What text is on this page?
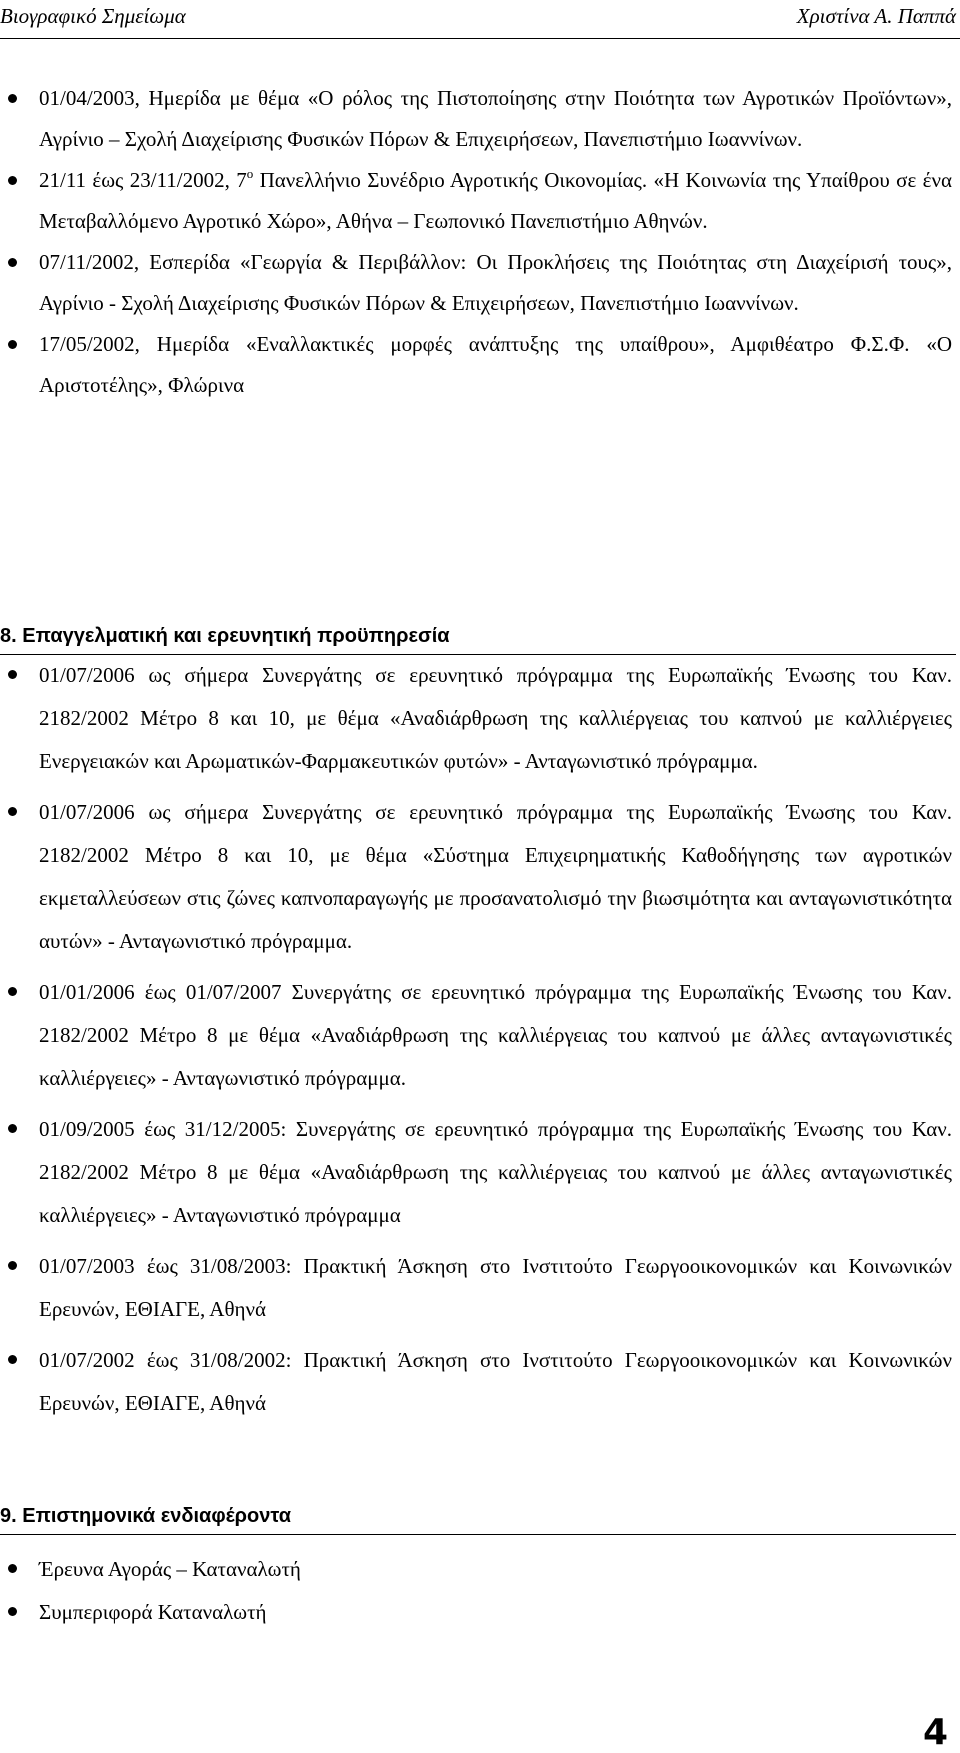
Βιογραφικό Σημείωμα	Χριστίνα Α. Παππά
01/04/2003, Ημερίδα με θέμα «Ο ρόλος της Πιστοποίησης στην Ποιότητα των Αγροτικών Προϊόντων», Αγρίνιο – Σχολή Διαχείρισης Φυσικών Πόρων & Επιχειρήσεων, Πανεπιστήμιο Ιωαννίνων.
21/11 έως 23/11/2002, $7^o$ Πανελλήνιο Συνέδριο Αγροτικής Οικονομίας. «Η Κοινωνία της Υπαίθρου σε ένα Μεταβαλλόμενο Αγροτικό Χώρο», Αθήνα – Γεωπονικό Πανεπιστήμιο Αθηνών.
07/11/2002, Εσπερίδα «Γεωργία & Περιβάλλον: Οι Προκλήσεις της Ποιότητας στη Διαχείρισή τους», Αγρίνιο - Σχολή Διαχείρισης Φυσικών Πόρων & Επιχειρήσεων, Πανεπιστήμιο Ιωαννίνων.
17/05/2002, Ημερίδα «Εναλλακτικές μορφές ανάπτυξης της υπαίθρου», Αμφιθέατρο Φ.Σ.Φ. «Ο Αριστοτέλης», Φλώρινα
8. Επαγγελματική και ερευνητική προϋπηρεσία
01/07/2006 ως σήμερα Συνεργάτης σε ερευνητικό πρόγραμμα της Ευρωπαϊκής Ένωσης του Καν. 2182/2002 Μέτρο 8 και 10, με θέμα «Αναδιάρθρωση της καλλιέργειας του καπνού με καλλιέργειες Ενεργειακών και Αρωματικών-Φαρμακευτικών φυτών» - Ανταγωνιστικό πρόγραμμα.
01/07/2006 ως σήμερα Συνεργάτης σε ερευνητικό πρόγραμμα της Ευρωπαϊκής Ένωσης του Καν. 2182/2002 Μέτρο 8 και 10, με θέμα «Σύστημα Επιχειρηματικής Καθοδήγησης των αγροτικών εκμεταλλεύσεων στις ζώνες καπνοπαραγωγής με προσανατολισμό την βιωσιμότητα και ανταγωνιστικότητα αυτών» - Ανταγωνιστικό πρόγραμμα.
01/01/2006 έως 01/07/2007 Συνεργάτης σε ερευνητικό πρόγραμμα της Ευρωπαϊκής Ένωσης του Καν. 2182/2002 Μέτρο 8 με θέμα «Αναδιάρθρωση της καλλιέργειας του καπνού με άλλες ανταγωνιστικές καλλιέργειες» - Ανταγωνιστικό πρόγραμμα.
01/09/2005 έως 31/12/2005: Συνεργάτης σε ερευνητικό πρόγραμμα της Ευρωπαϊκής Ένωσης του Καν. 2182/2002 Μέτρο 8 με θέμα «Αναδιάρθρωση της καλλιέργειας του καπνού με άλλες ανταγωνιστικές καλλιέργειες» - Ανταγωνιστικό πρόγραμμα
01/07/2003 έως 31/08/2003: Πρακτική Άσκηση στο Ινστιτούτο Γεωργοοικονομικών και Κοινωνικών Ερευνών, ΕΘΙΑΓΕ, Αθηνά
01/07/2002 έως 31/08/2002: Πρακτική Άσκηση στο Ινστιτούτο Γεωργοοικονομικών και Κοινωνικών Ερευνών, ΕΘΙΑΓΕ, Αθηνά
9. Επιστημονικά ενδιαφέροντα
Έρευνα Αγοράς – Καταναλωτή
Συμπεριφορά Καταναλωτή
4
